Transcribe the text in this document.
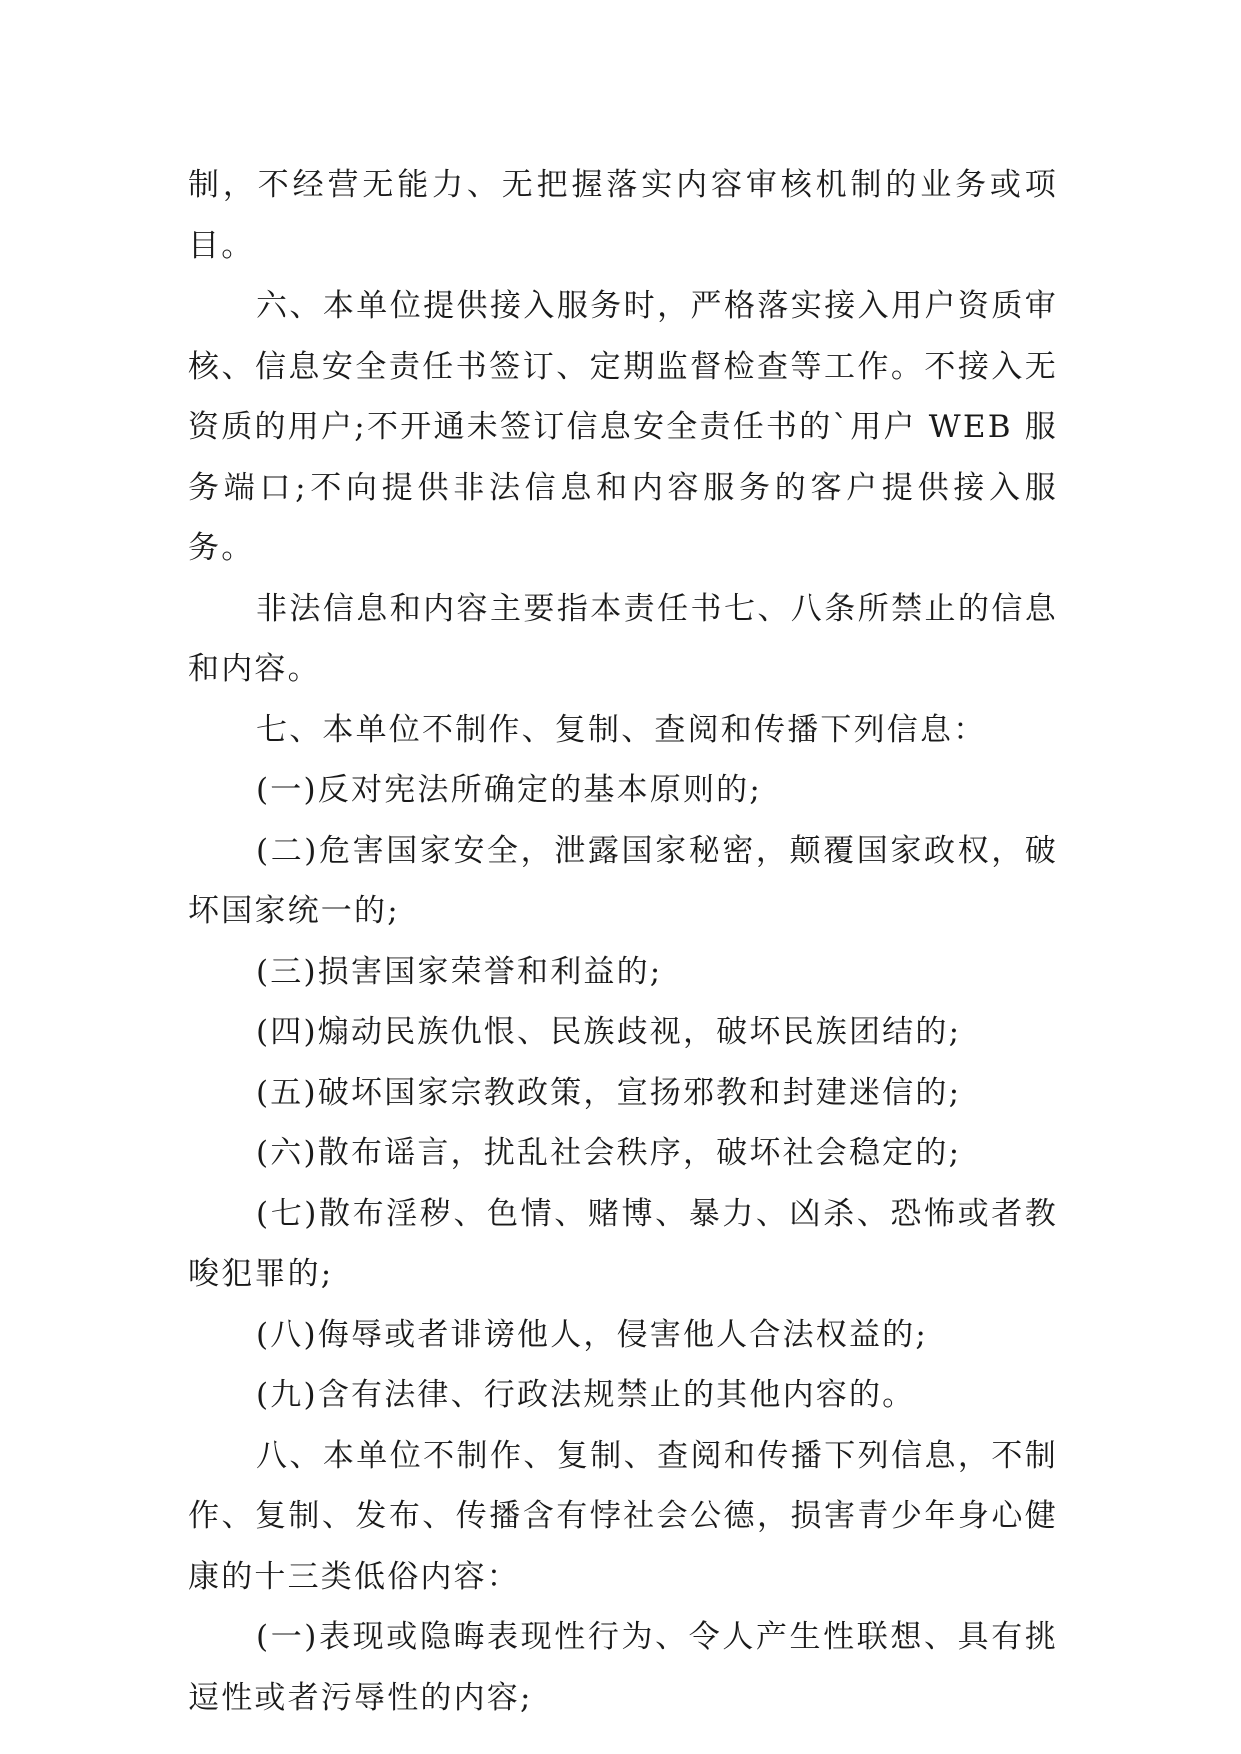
制，不经营无能力、无把握落实内容审核机制的业务或项目。

六、本单位提供接入服务时，严格落实接入用户资质审核、信息安全责任书签订、定期监督检查等工作。不接入无资质的用户;不开通未签订信息安全责任书的`用户 WEB 服务端口;不向提供非法信息和内容服务的客户提供接入服务。

非法信息和内容主要指本责任书七、八条所禁止的信息和内容。

七、本单位不制作、复制、查阅和传播下列信息：

(一)反对宪法所确定的基本原则的;

(二)危害国家安全，泄露国家秘密，颠覆国家政权，破坏国家统一的;

(三)损害国家荣誉和利益的;

(四)煽动民族仇恨、民族歧视，破坏民族团结的;

(五)破坏国家宗教政策，宣扬邪教和封建迷信的;

(六)散布谣言，扰乱社会秩序，破坏社会稳定的;

(七)散布淫秽、色情、赌博、暴力、凶杀、恐怖或者教唆犯罪的;

(八)侮辱或者诽谤他人，侵害他人合法权益的;

(九)含有法律、行政法规禁止的其他内容的。

八、本单位不制作、复制、查阅和传播下列信息，不制作、复制、发布、传播含有悖社会公德，损害青少年身心健康的十三类低俗内容：

(一)表现或隐晦表现性行为、令人产生性联想、具有挑逗性或者污辱性的内容;
